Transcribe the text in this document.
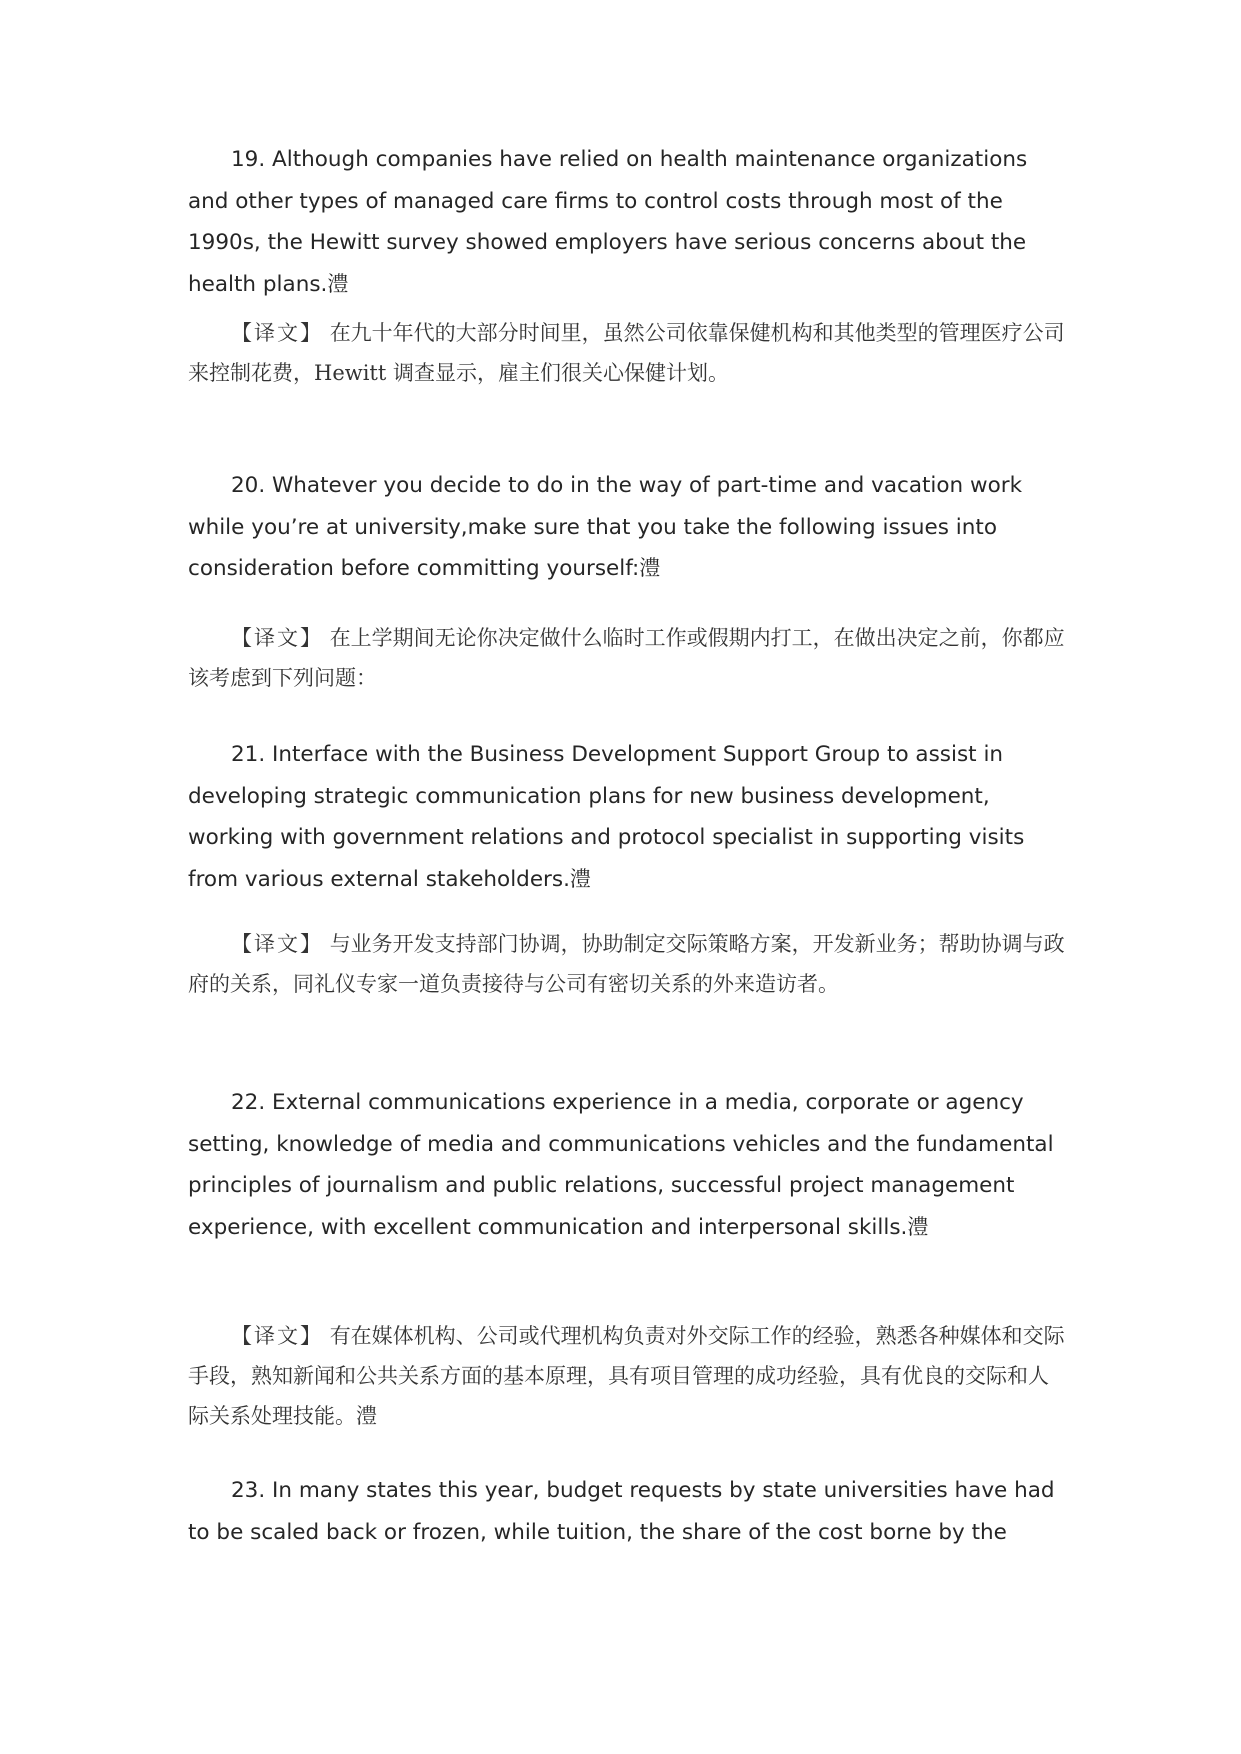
19. Although companies have relied on health maintenance organizations and other types of managed care firms to control costs through most of the 1990s, the Hewitt survey showed employers have serious concerns about the health plans.澧

【译文】 在九十年代的大部分时间里，虽然公司依靠保健机构和其他类型的管理医疗公司来控制花费，Hewitt 调查显示，雇主们很关心保健计划。

20. Whatever you decide to do in the way of part-time and vacation work while you’re at university,make sure that you take the following issues into consideration before committing yourself:澧

【译文】 在上学期间无论你决定做什么临时工作或假期内打工，在做出决定之前，你都应该考虑到下列问题：

21. Interface with the Business Development Support Group to assist in developing strategic communication plans for new business development, working with government relations and protocol specialist in supporting visits from various external stakeholders.澧

【译文】 与业务开发支持部门协调，协助制定交际策略方案，开发新业务；帮助协调与政府的关系，同礼仪专家一道负责接待与公司有密切关系的外来造访者。

22. External communications experience in a media, corporate or agency setting, knowledge of media and communications vehicles and the fundamental principles of journalism and public relations, successful project management experience, with excellent communication and interpersonal skills.澧

【译文】 有在媒体机构、公司或代理机构负责对外交际工作的经验，熟悉各种媒体和交际手段，熟知新闻和公共关系方面的基本原理，具有项目管理的成功经验，具有优良的交际和人际关系处理技能。澧

23. In many states this year, budget requests by state universities have had to be scaled back or frozen, while tuition, the share of the cost borne by the
